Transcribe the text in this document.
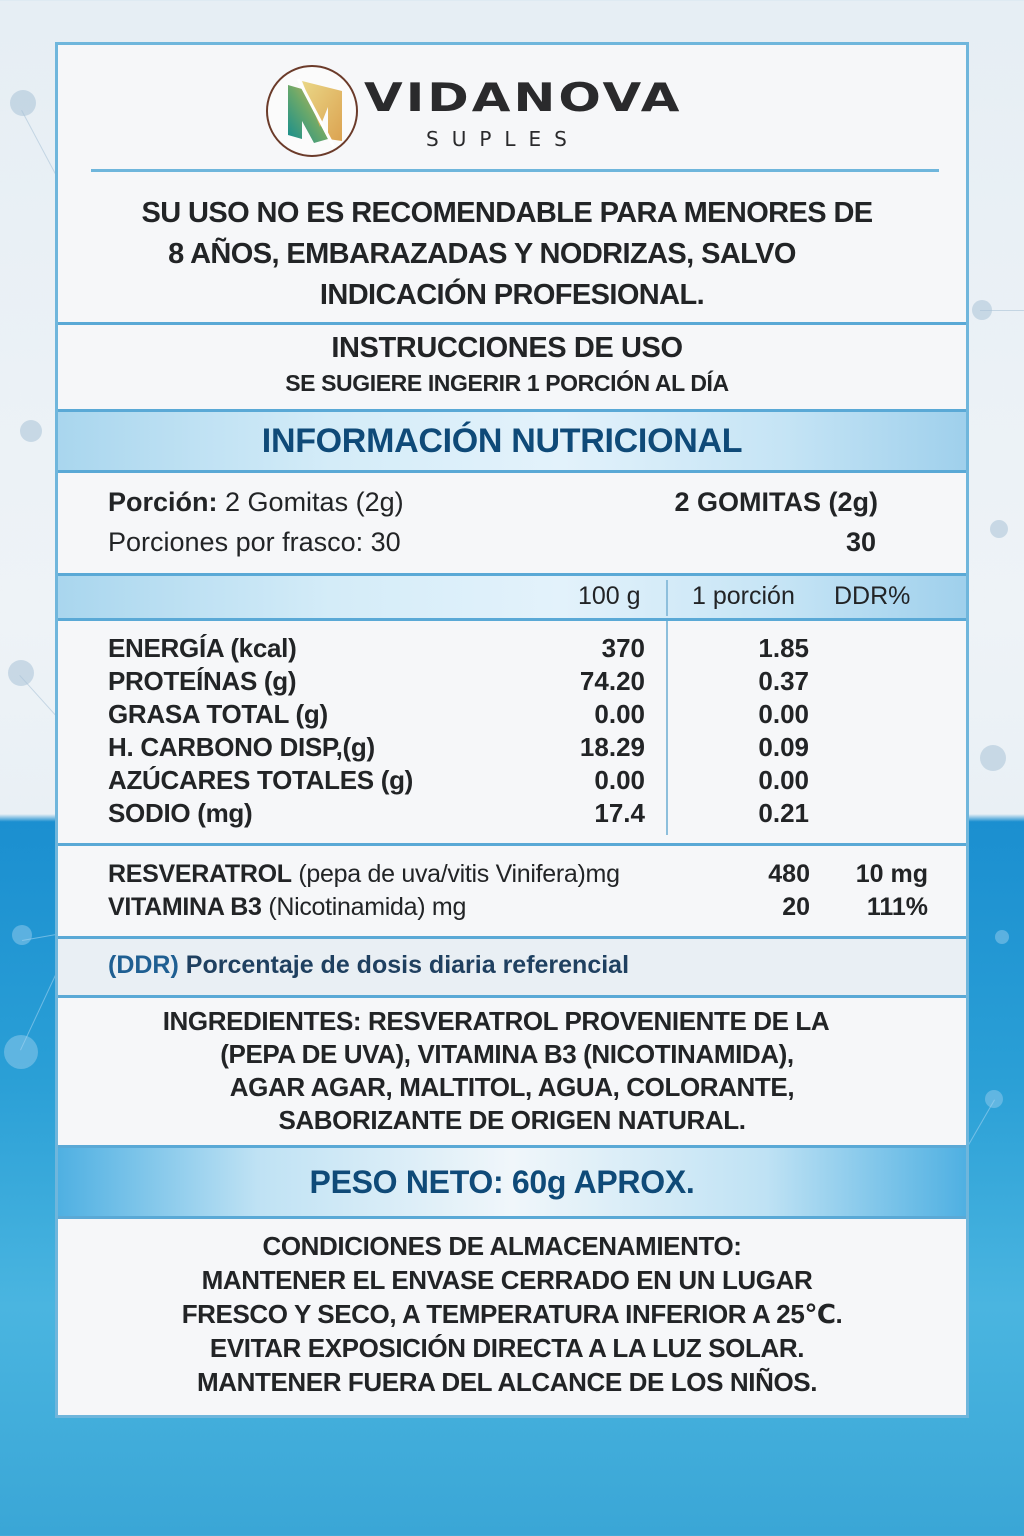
VIDANOVA
SUPLES
SU USO NO ES RECOMENDABLE PARA MENORES DE
8 AÑOS, EMBARAZADAS Y NODRIZAS, SALVO
INDICACIÓN PROFESIONAL.
INSTRUCCIONES DE USO
SE SUGIERE INGERIR 1 PORCIÓN AL DÍA
INFORMACIÓN NUTRICIONAL
Porción: 2 Gomitas (2g)	2 GOMITAS (2g)
Porciones por frasco: 30	30
100 g 1 porción DDR%
ENERGÍA (kcal)	370	1.85
PROTEÍNAS (g)	74.20	0.37
GRASA TOTAL (g)	0.00	0.00
H. CARBONO DISP,(g)	18.29	0.09
AZÚCARES TOTALES (g)	0.00	0.00
SODIO (mg)	17.4	0.21
RESVERATROL (pepa de uva/vitis Vinifera)mg	480 10 mg
VITAMINA B3 (Nicotinamida) mg	20 111%
(DDR) Porcentaje de dosis diaria referencial
INGREDIENTES: RESVERATROL PROVENIENTE DE LA
(PEPA DE UVA), VITAMINA B3 (NICOTINAMIDA),
AGAR AGAR, MALTITOL, AGUA, COLORANTE,
SABORIZANTE DE ORIGEN NATURAL.
PESO NETO: 60g APROX.
CONDICIONES DE ALMACENAMIENTO:
MANTENER EL ENVASE CERRADO EN UN LUGAR
FRESCO Y SECO, A TEMPERATURA INFERIOR A 25℃.
EVITAR EXPOSICIÓN DIRECTA A LA LUZ SOLAR.
MANTENER FUERA DEL ALCANCE DE LOS NIÑOS.
